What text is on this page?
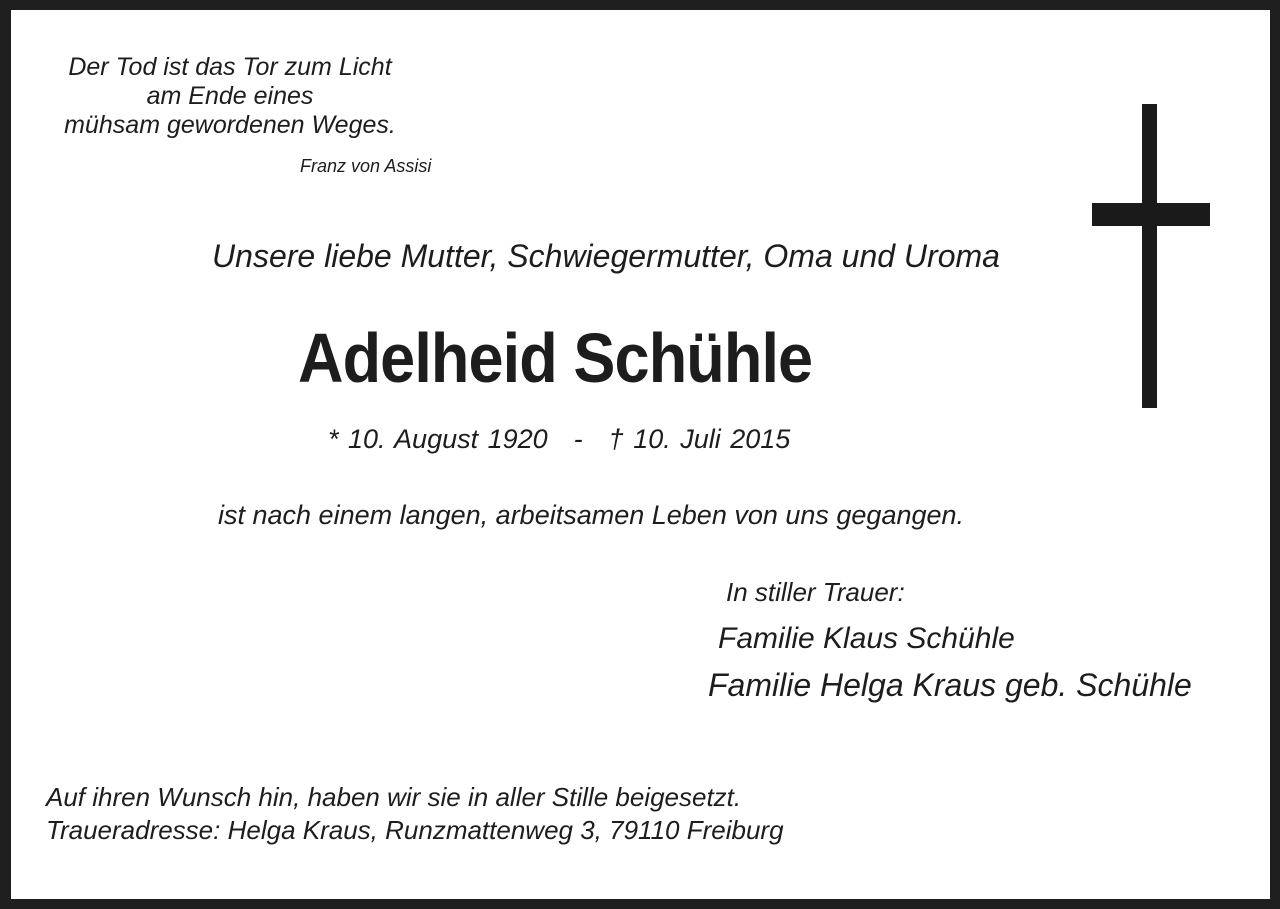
Der Tod ist das Tor zum Licht
am Ende eines
mühsam gewordenen Weges.

Franz von Assisi

Unsere liebe Mutter, Schwiegermutter, Oma und Uroma

Adelheid Schühle

* 10. August 1920 - † 10. Juli 2015

ist nach einem langen, arbeitsamen Leben von uns gegangen.

In stiller Trauer:

Familie Klaus Schühle

Familie Helga Kraus geb. Schühle

Auf ihren Wunsch hin, haben wir sie in aller Stille beigesetzt.

Traueradresse: Helga Kraus, Runzmattenweg 3, 79110 Freiburg
